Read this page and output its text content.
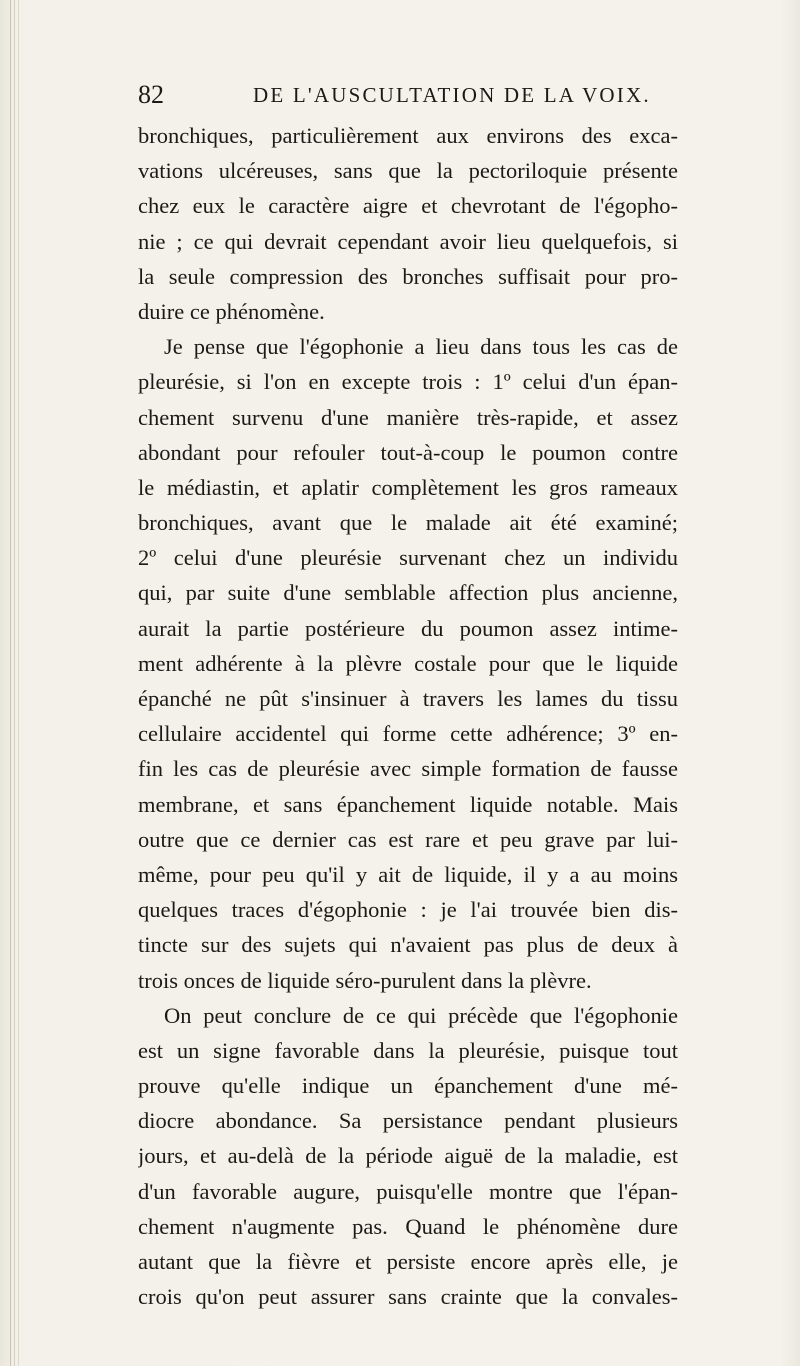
82	DE L'AUSCULTATION DE LA VOIX.
bronchiques, particulièrement aux environs des exca-
vations ulcéreuses, sans que la pectoriloquie présente
chez eux le caractère aigre et chevrotant de l'égopho-
nie ; ce qui devrait cependant avoir lieu quelquefois, si
la seule compression des bronches suffisait pour pro-
duire ce phénomène.
Je pense que l'égophonie a lieu dans tous les cas de
pleurésie, si l'on en excepte trois : 1º celui d'un épan-
chement survenu d'une manière très-rapide, et assez
abondant pour refouler tout-à-coup le poumon contre
le médiastin, et aplatir complètement les gros rameaux
bronchiques, avant que le malade ait été examiné;
2º celui d'une pleurésie survenant chez un individu
qui, par suite d'une semblable affection plus ancienne,
aurait la partie postérieure du poumon assez intime-
ment adhérente à la plèvre costale pour que le liquide
épanché ne pût s'insinuer à travers les lames du tissu
cellulaire accidentel qui forme cette adhérence; 3º en-
fin les cas de pleurésie avec simple formation de fausse
membrane, et sans épanchement liquide notable. Mais
outre que ce dernier cas est rare et peu grave par lui-
même, pour peu qu'il y ait de liquide, il y a au moins
quelques traces d'égophonie : je l'ai trouvée bien dis-
tincte sur des sujets qui n'avaient pas plus de deux à
trois onces de liquide séro-purulent dans la plèvre.
On peut conclure de ce qui précède que l'égophonie
est un signe favorable dans la pleurésie, puisque tout
prouve qu'elle indique un épanchement d'une mé-
diocre abondance. Sa persistance pendant plusieurs
jours, et au-delà de la période aiguë de la maladie, est
d'un favorable augure, puisqu'elle montre que l'épan-
chement n'augmente pas. Quand le phénomène dure
autant que la fièvre et persiste encore après elle, je
crois qu'on peut assurer sans crainte que la convales-
